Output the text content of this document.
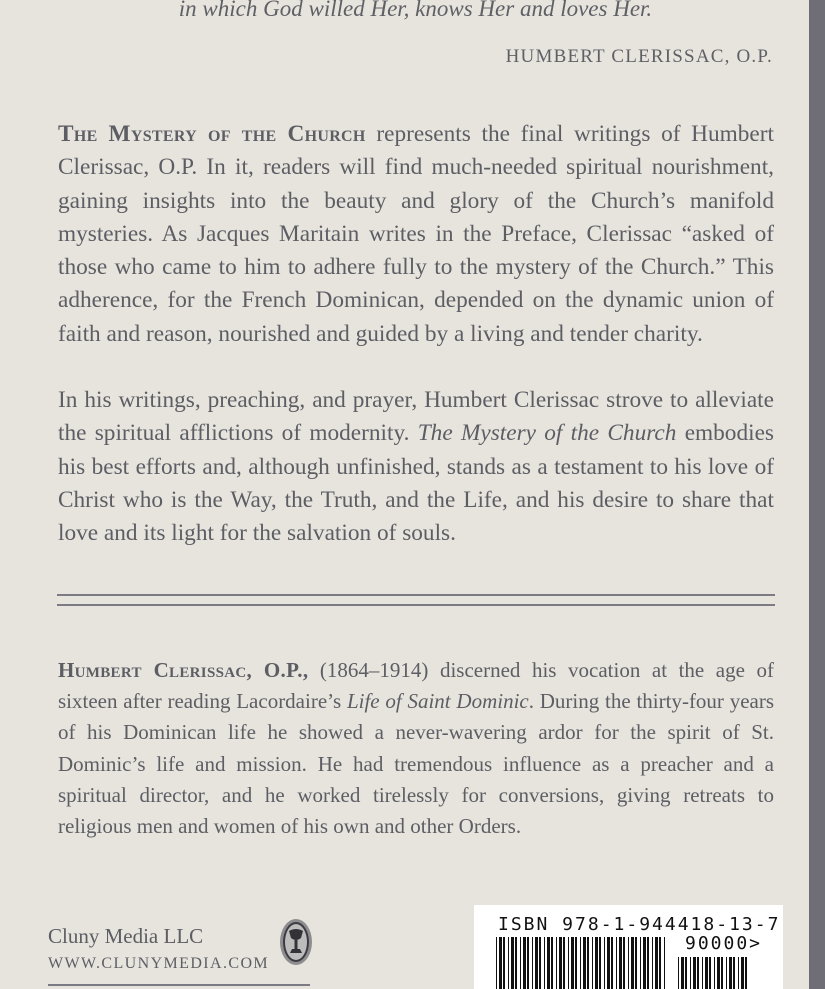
in which God willed Her, knows Her and loves Her.
HUMBERT CLERISSAC, O.P.

The Mystery of the Church represents the final writings of Humbert Clerissac, O.P. In it, readers will find much-needed spiritual nourishment, gaining insights into the beauty and glory of the Church’s manifold mysteries. As Jacques Maritain writes in the Preface, Clerissac “asked of those who came to him to adhere fully to the mystery of the Church.” This adherence, for the French Dominican, depended on the dynamic union of faith and reason, nourished and guided by a living and tender charity.

In his writings, preaching, and prayer, Humbert Clerissac strove to alleviate the spiritual afflictions of modernity. The Mystery of the Church embodies his best efforts and, although unfinished, stands as a testament to his love of Christ who is the Way, the Truth, and the Life, and his desire to share that love and its light for the salvation of souls.

Humbert Clerissac, O.P., (1864–1914) discerned his vocation at the age of sixteen after reading Lacordaire’s Life of Saint Dominic. During the thirty-four years of his Dominican life he showed a never-wavering ardor for the spirit of St. Dominic’s life and mission. He had tremendous influence as a preacher and a spiritual director, and he worked tirelessly for conversions, giving retreats to religious men and women of his own and other Orders.

Cluny Media LLC
WWW.CLUNYMEDIA.COM
ISBN 978-1-944418-13-7
90000>
